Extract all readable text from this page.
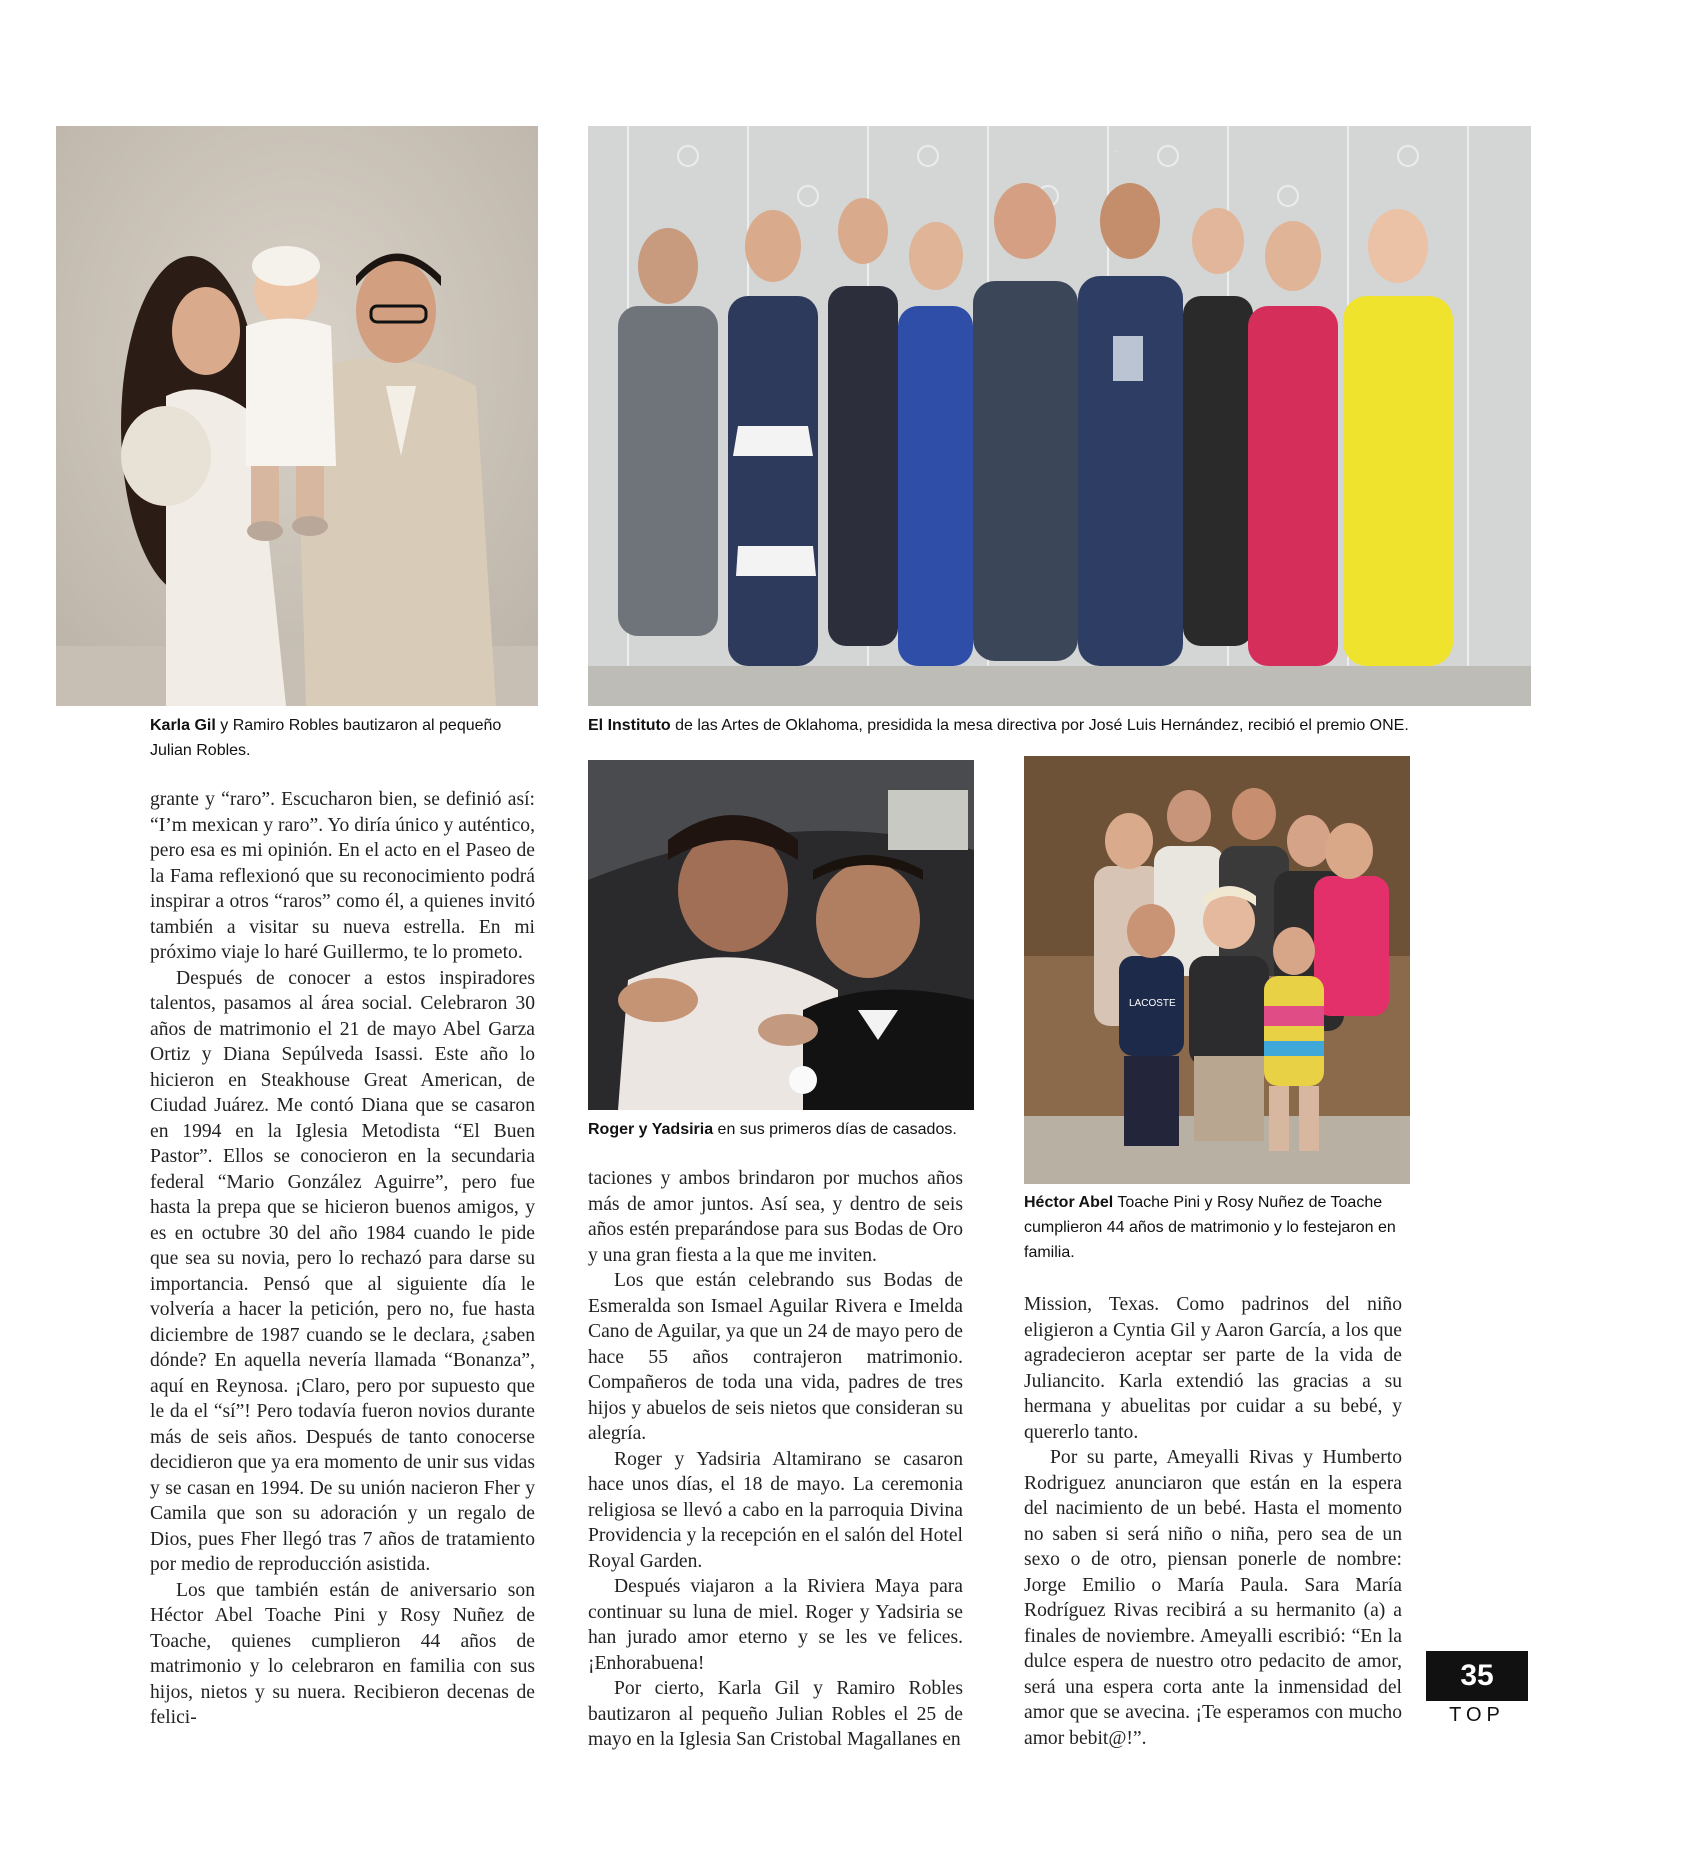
ONE
Karla Gil y Ramiro Robles bautizaron al pequeño Julian Robles.
El Instituto de las Artes de Oklahoma, presidida la mesa directiva por José Luis Hernández, recibió el premio ONE.
Roger y Yadsiria en sus primeros días de casados.
LACOSTE
Héctor Abel Toache Pini y Rosy Nuñez de Toache cumplieron 44 años de matrimonio y lo festejaron en familia.

grante y “raro”. Escucharon bien, se definió así: “I’m mexican y raro”. Yo diría único y auténtico, pero esa es mi opinión. En el acto en el Paseo de la Fama reflexionó que su reconocimiento podrá inspirar a otros “raros” como él, a quienes invitó también a visitar su nueva estrella. En mi próximo viaje lo haré Guillermo, te lo prometo.

Después de conocer a estos inspiradores talentos, pasamos al área social. Celebraron 30 años de matrimonio el 21 de mayo Abel Garza Ortiz y Diana Sepúlveda Isassi. Este año lo hicieron en Steakhouse Great American, de Ciudad Juárez. Me contó Diana que se casaron en 1994 en la Iglesia Metodista “El Buen Pastor”. Ellos se conocieron en la secundaria federal “Mario González Aguirre”, pero fue hasta la prepa que se hicieron buenos amigos, y es en octubre 30 del año 1984 cuando le pide que sea su novia, pero lo rechazó para darse su importancia. Pensó que al siguiente día le volvería a hacer la petición, pero no, fue hasta diciembre de 1987 cuando se le declara, ¿saben dónde? En aquella nevería llamada “Bonanza”, aquí en Reynosa. ¡Claro, pero por supuesto que le da el “sí”! Pero todavía fueron novios durante más de seis años. Después de tanto conocerse decidieron que ya era momento de unir sus vidas y se casan en 1994. De su unión nacieron Fher y Camila que son su adoración y un regalo de Dios, pues Fher llegó tras 7 años de tratamiento por medio de reproducción asistida.

Los que también están de aniversario son Héctor Abel Toache Pini y Rosy Nuñez de Toache, quienes cumplieron 44 años de matrimonio y lo celebraron en familia con sus hijos, nietos y su nuera. Recibieron decenas de felici-

taciones y ambos brindaron por muchos años más de amor juntos. Así sea, y dentro de seis años estén preparándose para sus Bodas de Oro y una gran fiesta a la que me inviten.

Los que están celebrando sus Bodas de Esmeralda son Ismael Aguilar Rivera e Imelda Cano de Aguilar, ya que un 24 de mayo pero de hace 55 años contrajeron matrimonio. Compañeros de toda una vida, padres de tres hijos y abuelos de seis nietos que consideran su alegría.

Roger y Yadsiria Altamirano se casaron hace unos días, el 18 de mayo. La ceremonia religiosa se llevó a cabo en la parroquia Divina Providencia y la recepción en el salón del Hotel Royal Garden.

Después viajaron a la Riviera Maya para continuar su luna de miel. Roger y Yadsiria se han jurado amor eterno y se les ve felices. ¡Enhorabuena!

Por cierto, Karla Gil y Ramiro Robles bautizaron al pequeño Julian Robles el 25 de mayo en la Iglesia San Cristobal Magallanes en

Mission, Texas. Como padrinos del niño eligieron a Cyntia Gil y Aaron García, a los que agradecieron aceptar ser parte de la vida de Juliancito. Karla extendió las gracias a su hermana y abuelitas por cuidar a su bebé, y quererlo tanto.

Por su parte, Ameyalli Rivas y Humberto Rodriguez anunciaron que están en la espera del nacimiento de un bebé. Hasta el momento no saben si será niño o niña, pero sea de un sexo o de otro, piensan ponerle de nombre: Jorge Emilio o María Paula. Sara María Rodríguez Rivas recibirá a su hermanito (a) a finales de noviembre. Ameyalli escribió: “En la dulce espera de nuestro otro pedacito de amor, será una espera corta ante la inmensidad del amor que se avecina. ¡Te esperamos con mucho amor bebit@!”.

35
TOP
